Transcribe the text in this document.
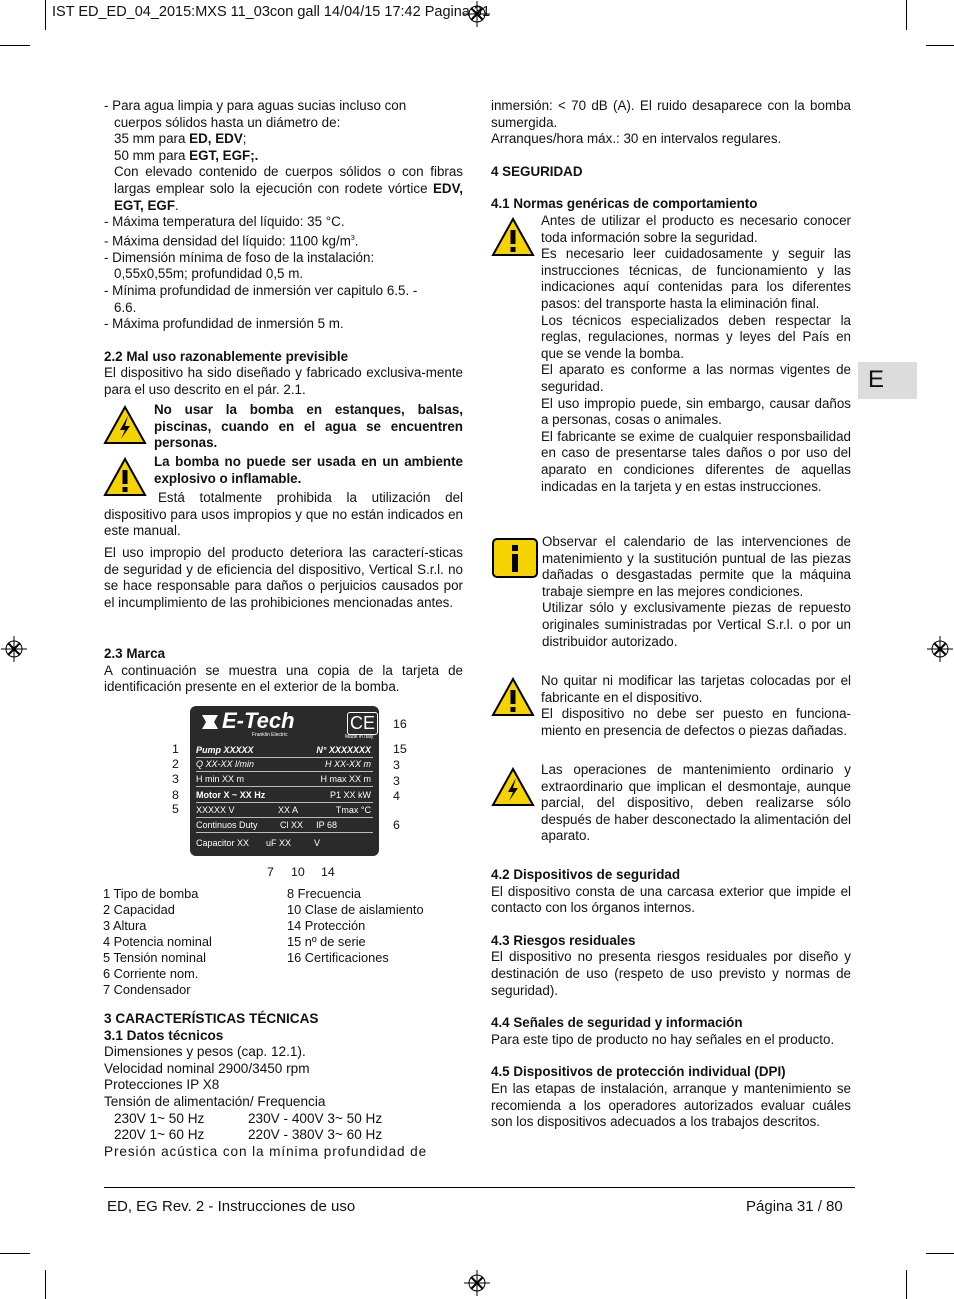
IST ED_ED_04_2015:MXS 11_03con gall 14/04/15 17:42 Pagina 31
E

- Para agua limpia y para aguas sucias incluso con

cuerpos sólidos hasta un diámetro de:

35 mm para ED, EDV;

50 mm para EGT, EGF;.

Con elevado contenido de cuerpos sólidos o con fibras largas emplear solo la ejecución con rodete vórtice EDV, EGT, EGF.

- Máxima temperatura del líquido: 35 °C.

- Máxima densidad del líquido: 1100 $kg/m^3$.

- Dimensión mínima de foso de la instalación:

0,55x0,55m; profundidad 0,5 m.

- Mínima profundidad de inmersión ver capitulo 6.5. -

6.6.

- Máxima profundidad de inmersión 5 m.

2.2 Mal uso razonablemente previsible

El dispositivo ha sido diseñado y fabricado exclusiva-mente para el uso descrito en el pár. 2.1.

No usar la bomba en estanques, balsas, piscinas, cuando en el agua se encuentren personas.
La bomba no puede ser usada en un ambiente explosivo o inflamable.
Está totalmente prohibida la utilización del dispositivo para usos impropios y que no están indicados en este manual.
El uso impropio del producto deteriora las caracterí-sticas de seguridad y de eficiencia del dispositivo, Vertical S.r.l. no se hace responsable para daños o perjuicios causados por el incumplimiento de las prohibiciones mencionadas antes.

2.3 Marca

A continuación se muestra una copia de la tarjeta de identificación presente en el exterior de la bomba.

E-Tech
Franklin Electric	Made in Italy
CE
Pump XXXXX	N° XXXXXXX
Q XX-XX l/min	H XX-XX m
H min XX m	H max XX m
Motor X ~ XX Hz	P1 XX kW
XXXXX V	XX A	Tmax °C
Continuos Duty Cl XX IP 68
Capacitor XX uF XX	V
1
2
3
8
5
16
15
3
3
4
6
7 10 14
1 Tipo de bomba
2 Capacidad
3 Altura
4 Potencia nominal
5 Tensión nominal
6 Corriente nom.
7 Condensador
8 Frecuencia
10 Clase de aislamiento
14 Protección
15 nº de serie
16 Certificaciones

3 CARACTERÍSTICAS TÉCNICAS

3.1 Datos técnicos

Dimensiones y pesos (cap. 12.1).

Velocidad nominal 2900/3450 rpm

Protecciones IP X8

Tensión de alimentación/ Frequencia

230V 1~ 50 Hz	230V - 400V 3~ 50 Hz

220V 1~ 60 Hz	220V - 380V 3~ 60 Hz

Presión acústica con la mínima profundidad de

inmersión: < 70 dB (A). El ruido desaparece con la bomba sumergida.

Arranques/hora máx.: 30 en intervalos regulares.

4 SEGURIDAD

4.1 Normas genéricas de comportamiento

Antes de utilizar el producto es necesario conocer toda información sobre la seguridad.

Es necesario leer cuidadosamente y seguir las instrucciones técnicas, de funcionamiento y las indicaciones aquí contenidas para los diferentes pasos: del transporte hasta la eliminación final.

Los técnicos especializados deben respectar la reglas, regulaciones, normas y leyes del País en que se vende la bomba.

El aparato es conforme a las normas vigentes de seguridad.

El uso impropio puede, sin embargo, causar daños a personas, cosas o animales.

El fabricante se exime de cualquier responsbailidad en caso de presentarse tales daños o por uso del aparato en condiciones diferentes de aquellas indicadas en la tarjeta y en estas instrucciones.

Observar el calendario de las intervenciones de matenimiento y la sustitución puntual de las piezas dañadas o desgastadas permite que la máquina trabaje siempre en las mejores condiciones.

Utilizar sólo y exclusivamente piezas de repuesto originales suministradas por Vertical S.r.l. o por un distribuidor autorizado.

No quitar ni modificar las tarjetas colocadas por el fabricante en el dispositivo.

El dispositivo no debe ser puesto en funciona-miento en presencia de defectos o piezas dañadas.

Las operaciones de mantenimiento ordinario y extraordinario que implican el desmontaje, aunque parcial, del dispositivo, deben realizarse sólo después de haber desconectado la alimentación del aparato.

4.2 Dispositivos de seguridad

El dispositivo consta de una carcasa exterior que impide el contacto con los órganos internos.

4.3 Riesgos residuales

El dispositivo no presenta riesgos residuales por diseño y destinación de uso (respeto de uso previsto y normas de seguridad).

4.4 Señales de seguridad y información

Para este tipo de producto no hay señales en el producto.

4.5 Dispositivos de protección individual (DPI)

En las etapas de instalación, arranque y mantenimiento se recomienda a los operadores autorizados evaluar cuáles son los dispositivos adecuados a los trabajos descritos.

ED, EG Rev. 2 - Instrucciones de uso	Página 31 / 80
